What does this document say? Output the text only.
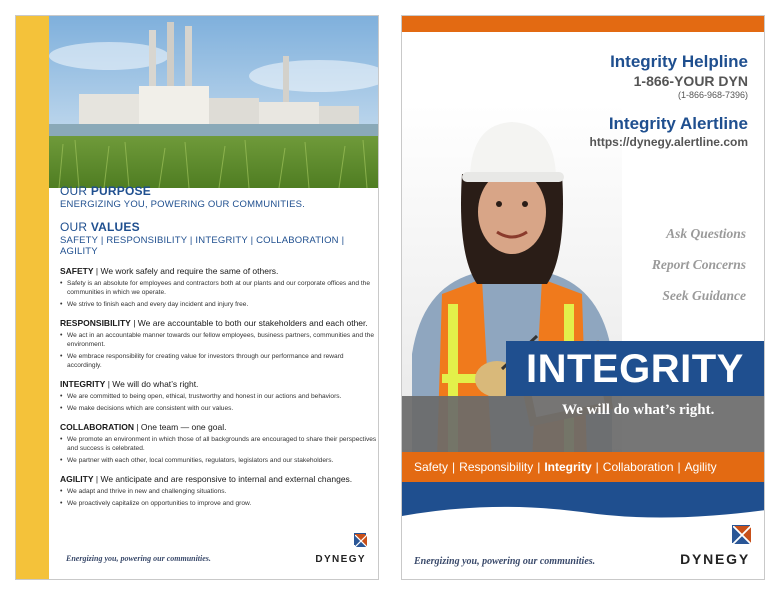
OUR PURPOSE
ENERGIZING YOU, POWERING OUR COMMUNITIES.
OUR VALUES
SAFETY | RESPONSIBILITY | INTEGRITY | COLLABORATION | AGILITY
SAFETY | We work safely and require the same of others.
• Safety is an absolute for employees and contractors both at our plants and our corporate offices and the communities in which we operate.
• We strive to finish each and every day incident and injury free.
RESPONSIBILITY | We are accountable to both our stakeholders and each other.
• We act in an accountable manner towards our fellow employees, business partners, communities and the environment.
• We embrace responsibility for creating value for investors through our performance and reward accordingly.
INTEGRITY | We will do what’s right.
• We are committed to being open, ethical, trustworthy and honest in our actions and behaviors.
• We make decisions which are consistent with our values.
COLLABORATION | One team — one goal.
• We promote an environment in which those of all backgrounds are encouraged to share their perspectives and success is celebrated.
• We partner with each other, local communities, regulators, legislators and our stakeholders.
AGILITY | We anticipate and are responsive to internal and external changes.
• We adapt and thrive in new and challenging situations.
• We proactively capitalize on opportunities to improve and grow.
Energizing you, powering our communities.	DYNEGY
Integrity Helpline
1-866-YOUR DYN
(1-866-968-7396)
Integrity Alertline
https://dynegy.alertline.com
Ask Questions
Report Concerns
Seek Guidance
INTEGRITY
We will do what’s right.
Safety | Responsibility | Integrity | Collaboration | Agility
Energizing you, powering our communities.	DYNEGY
